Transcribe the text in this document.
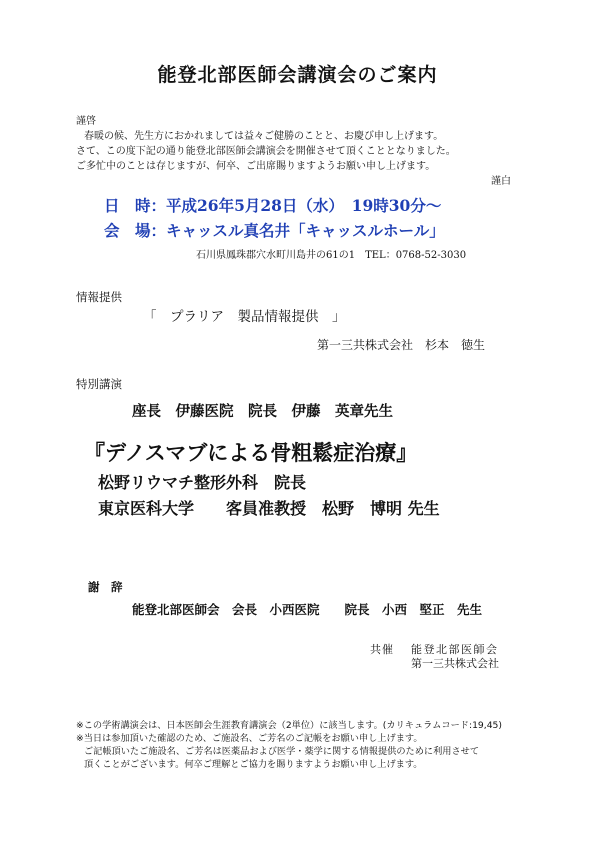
能登北部医師会講演会のご案内
謹啓
春暖の候、先生方におかれましては益々ご健勝のことと、お慶び申し上げます。
さて、この度下記の通り能登北部医師会講演会を開催させて頂くこととなりました。
ご多忙中のことは存じますが、何卒、ご出席賜りますようお願い申し上げます。
謹白
日　時：平成26年5月28日（水）　19時30分～
会　場：キャッスル真名井「キャッスルホール」
石川県鳳珠郡穴水町川島井の61の1　TEL：0768-52-3030
情報提供
「　プラリア　製品情報提供　」
第一三共株式会社　杉本　徳生
特別講演
座長　伊藤医院　院長　伊藤　英章先生
『デノスマブによる骨粗鬆症治療』
松野リウマチ整形外科　院長
東京医科大学　　客員准教授　松野　博明 先生
謝　辞
能登北部医師会　会長　小西医院　　院長　小西　堅正　先生
共催 能登北部医師会
第一三共株式会社
※この学術講演会は、日本医師会生涯教育講演会（2単位）に該当します。(カリキュラムコード:19,45)
※当日は参加頂いた確認のため、ご施設名、ご芳名のご記帳をお願い申し上げます。
ご記帳頂いたご施設名、ご芳名は医薬品および医学・薬学に関する情報提供のために利用させて
頂くことがございます。何卒ご理解とご協力を賜りますようお願い申し上げます。
